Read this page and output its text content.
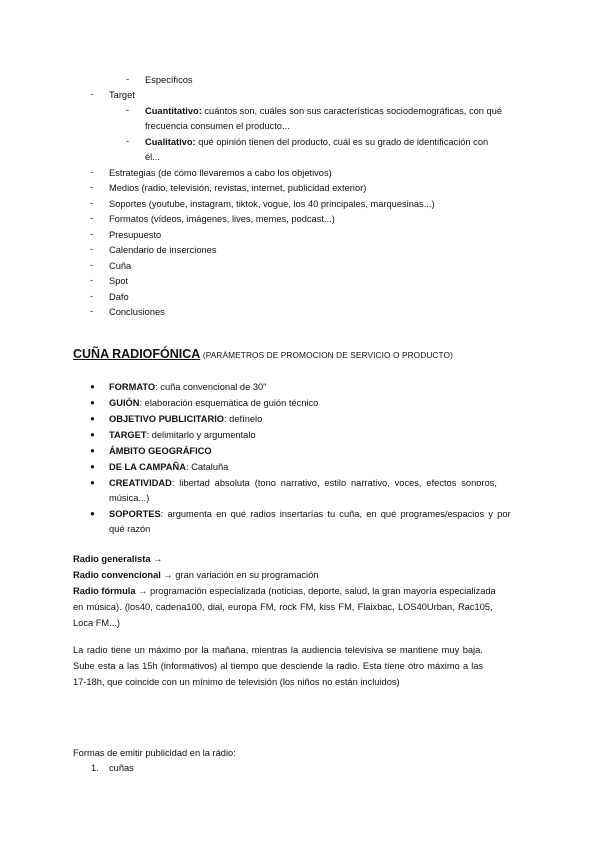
-	Específicos
-	Target
-	Cuantitativo: cuántos son, cuáles son sus características sociodemográficas, con qué
frecuencia consumen el producto...
-	Cualitativo: qué opinión tienen del producto, cuál es su grado de identificación con
él...
-	Estrategias (de cómo llevaremos a cabo los objetivos)
-	Medios (radio, televisión, revistas, internet, publicidad exterior)
-	Soportes (youtube, instagram, tiktok, vogue, los 40 principales, marquesinas...)
-	Formatos (vídeos, imágenes, lives, memes, podcast...)
-	Presupuesto
-	Calendario de inserciones
-	Cuña
-	Spot
-	Dafo
-	Conclusiones
CUÑA RADIOFÓNICA (PARÁMETROS DE PROMOCION DE SERVICIO O PRODUCTO)
● FORMATO: cuña convencional de 30"
● GUIÓN: elaboración esquemàtica de guión técnico
● OBJETIVO PUBLICITARIO: defínelo
● TARGET: delimitarlo y argumentalo
● ÁMBITO GEOGRÁFICO
● DE LA CAMPAÑA: Cataluña
● CREATIVIDAD: libertad absoluta (tono narrativo, estilo narrativo, voces, efectos sonoros,
música...)
● SOPORTES: argumenta en qué radios insertarías tu cuña, en qué programes/espacios y por
qué razón
Radio generalista →
Radio convencional → gran variación en su programación
Radio fórmula → programación especializada (noticias, deporte, salud, la gran mayoría especializada
en música). (los40, cadena100, dial, europa FM, rock FM, kiss FM, Flaixbac, LOS40Urban, Rac105,
Loca FM...)
La radio tiene un máximo por la mañana, mientras la audiencia televisiva se mantiene muy baja.
Sube esta a las 15h (informativos) al tiempo que desciende la radio. Esta tiene otro máximo a las
17-18h, que coincide con un mínimo de televisión (los niños no están incluidos)
Formas de emitir publicidad en la rádio:
1. cuñas
